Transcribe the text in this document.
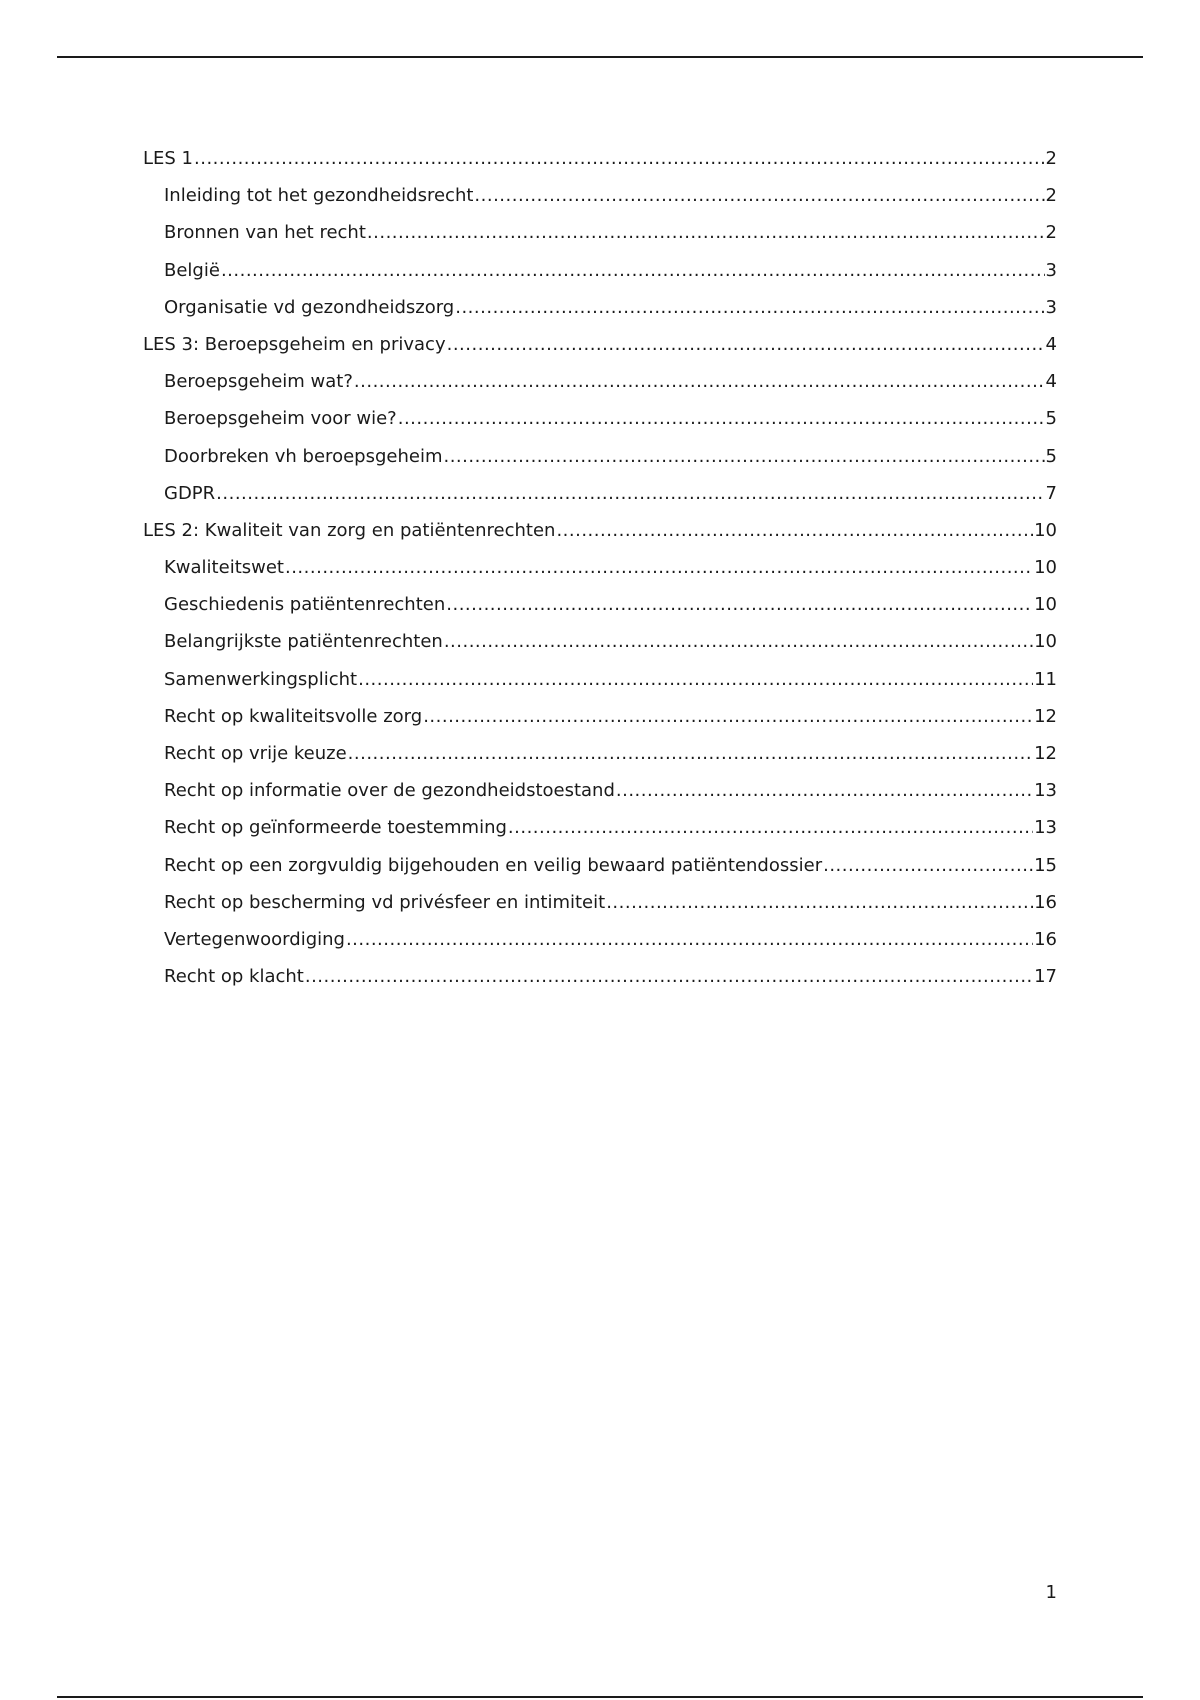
LES 1 .....	2
Inleiding tot het gezondheidsrecht .....	2
Bronnen van het recht .....	2
België .....	3
Organisatie vd gezondheidszorg .....	3
LES 3: Beroepsgeheim en privacy .....	4
Beroepsgeheim wat? .....	4
Beroepsgeheim voor wie? .....	5
Doorbreken vh beroepsgeheim .....	5
GDPR .....	7
LES 2: Kwaliteit van zorg en patiëntenrechten .....	10
Kwaliteitswet .....	10
Geschiedenis patiëntenrechten .....	10
Belangrijkste patiëntenrechten .....	10
Samenwerkingsplicht .....	11
Recht op kwaliteitsvolle zorg .....	12
Recht op vrije keuze .....	12
Recht op informatie over de gezondheidstoestand .....	13
Recht op geïnformeerde toestemming .....	13
Recht op een zorgvuldig bijgehouden en veilig bewaard patiëntendossier .....	15
Recht op bescherming vd privésfeer en intimiteit .....	16
Vertegenwoordiging .....	16
Recht op klacht .....	17
1
